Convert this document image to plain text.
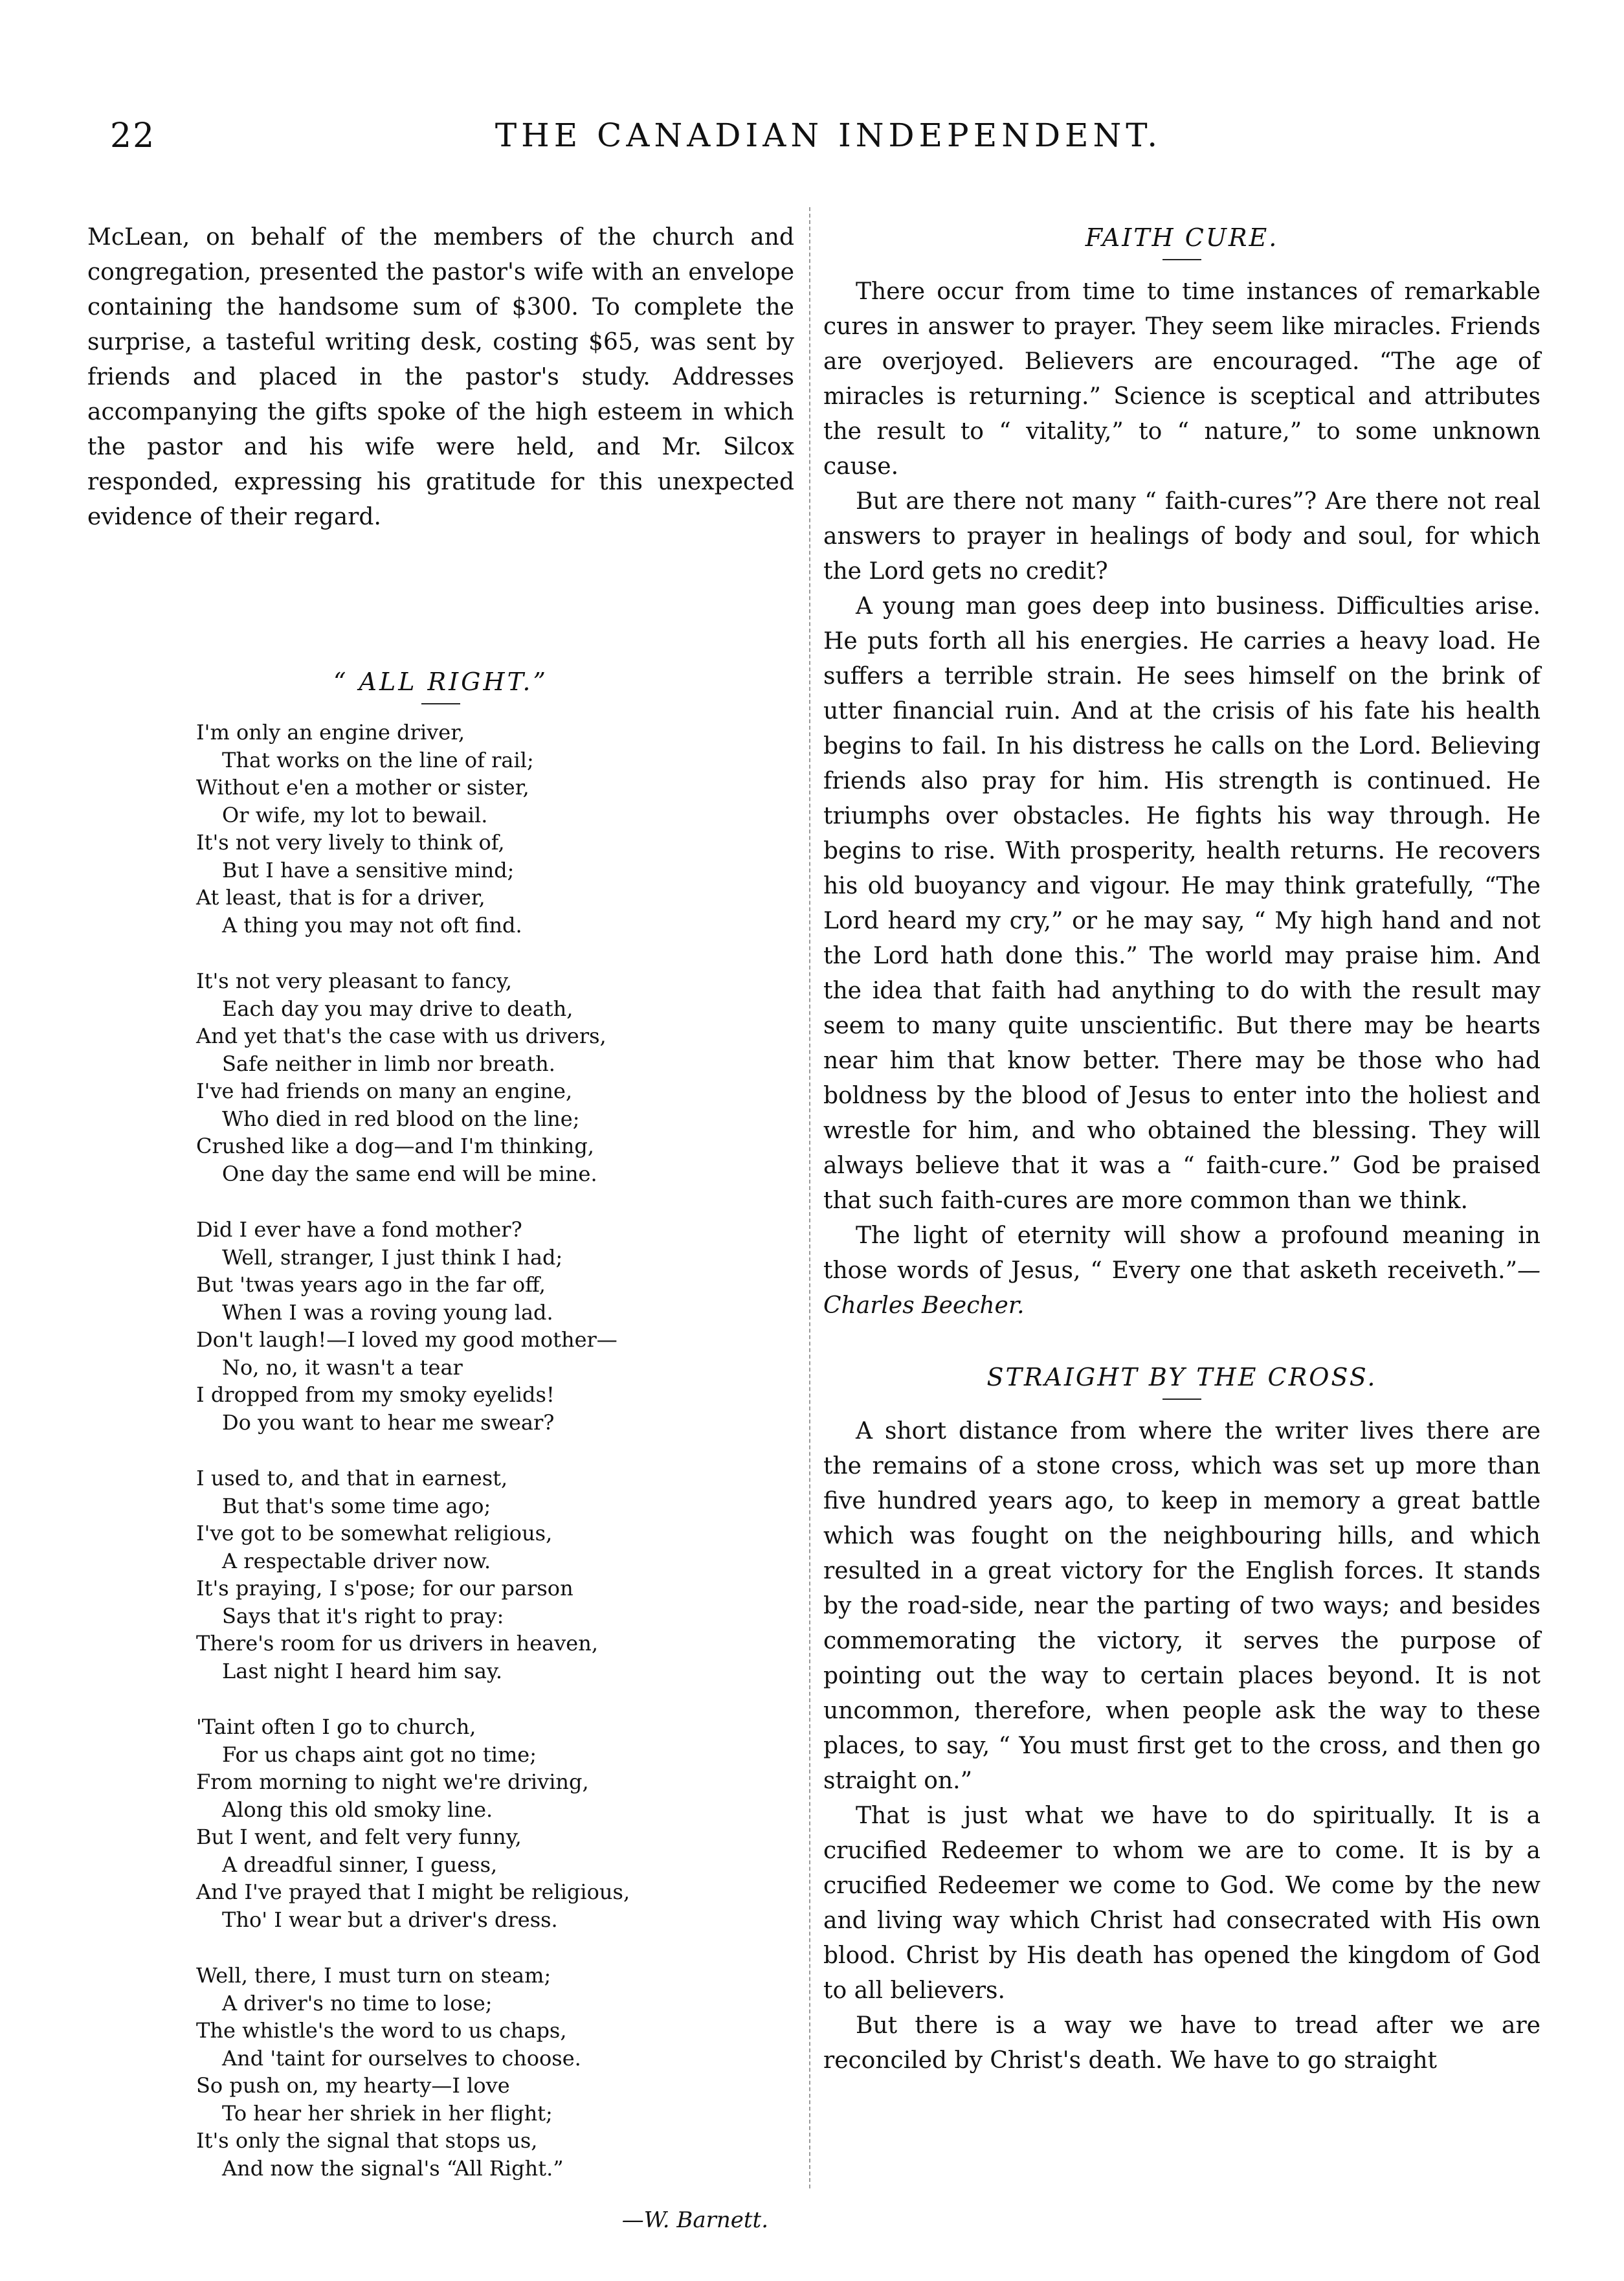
22	THE CANADIAN INDEPENDENT.

McLean, on behalf of the members of the church and congregation, presented the pastor's wife with an envelope containing the handsome sum of $300. To complete the surprise, a tasteful writing desk, costing $65, was sent by friends and placed in the pastor's study. Addresses accompanying the gifts spoke of the high esteem in which the pastor and his wife were held, and Mr. Silcox responded, expressing his gratitude for this unexpected evidence of their regard.

“ ALL RIGHT.”
I'm only an engine driver,
That works on the line of rail;
Without e'en a mother or sister,
Or wife, my lot to bewail.
It's not very lively to think of,
But I have a sensitive mind;
At least, that is for a driver,
A thing you may not oft find.
It's not very pleasant to fancy,
Each day you may drive to death,
And yet that's the case with us drivers,
Safe neither in limb nor breath.
I've had friends on many an engine,
Who died in red blood on the line;
Crushed like a dog—and I'm thinking,
One day the same end will be mine.
Did I ever have a fond mother?
Well, stranger, I just think I had;
But 'twas years ago in the far off,
When I was a roving young lad.
Don't laugh!—I loved my good mother—
No, no, it wasn't a tear
I dropped from my smoky eyelids!
Do you want to hear me swear?
I used to, and that in earnest,
But that's some time ago;
I've got to be somewhat religious,
A respectable driver now.
It's praying, I s'pose; for our parson
Says that it's right to pray:
There's room for us drivers in heaven,
Last night I heard him say.
'Taint often I go to church,
For us chaps aint got no time;
From morning to night we're driving,
Along this old smoky line.
But I went, and felt very funny,
A dreadful sinner, I guess,
And I've prayed that I might be religious,
Tho' I wear but a driver's dress.
Well, there, I must turn on steam;
A driver's no time to lose;
The whistle's the word to us chaps,
And 'taint for ourselves to choose.
So push on, my hearty—I love
To hear her shriek in her flight;
It's only the signal that stops us,
And now the signal's “All Right.”
—W. Barnett.
FAITH CURE.

There occur from time to time instances of remarkable cures in answer to prayer. They seem like miracles. Friends are overjoyed. Believers are encouraged. “The age of miracles is returning.” Science is sceptical and attributes the result to “ vitality,” to “ nature,” to some unknown cause.

But are there not many “ faith-cures”? Are there not real answers to prayer in healings of body and soul, for which the Lord gets no credit?

A young man goes deep into business. Difficulties arise. He puts forth all his energies. He carries a heavy load. He suffers a terrible strain. He sees himself on the brink of utter financial ruin. And at the crisis of his fate his health begins to fail. In his distress he calls on the Lord. Believing friends also pray for him. His strength is continued. He triumphs over obstacles. He fights his way through. He begins to rise. With prosperity, health returns. He recovers his old buoyancy and vigour. He may think gratefully, “The Lord heard my cry,” or he may say, “ My high hand and not the Lord hath done this.” The world may praise him. And the idea that faith had anything to do with the result may seem to many quite unscientific. But there may be hearts near him that know better. There may be those who had boldness by the blood of Jesus to enter into the holiest and wrestle for him, and who obtained the blessing. They will always believe that it was a “ faith-cure.” God be praised that such faith-cures are more common than we think.

The light of eternity will show a profound meaning in those words of Jesus, “ Every one that asketh receiveth.”—Charles Beecher.

STRAIGHT BY THE CROSS.

A short distance from where the writer lives there are the remains of a stone cross, which was set up more than five hundred years ago, to keep in memory a great battle which was fought on the neighbouring hills, and which resulted in a great victory for the English forces. It stands by the road-side, near the parting of two ways; and besides commemorating the victory, it serves the purpose of pointing out the way to certain places beyond. It is not uncommon, therefore, when people ask the way to these places, to say, “ You must first get to the cross, and then go straight on.”

That is just what we have to do spiritually. It is a crucified Redeemer to whom we are to come. It is by a crucified Redeemer we come to God. We come by the new and living way which Christ had consecrated with His own blood. Christ by His death has opened the kingdom of God to all believers.

But there is a way we have to tread after we are reconciled by Christ's death. We have to go straight
